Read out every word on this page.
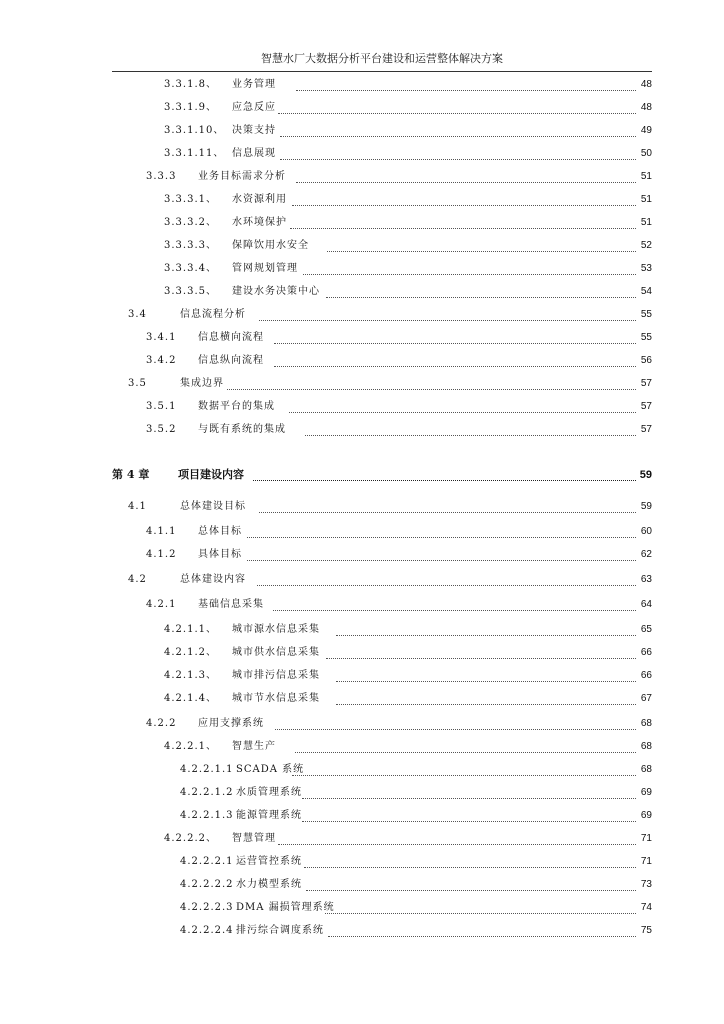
智慧水厂大数据分析平台建设和运营整体解决方案
3.3.1.8、 业务管理	48
3.3.1.9、 应急反应	48
3.3.1.10、 决策支持	49
3.3.1.11、 信息展现	50
3.3.3 业务目标需求分析	51
3.3.3.1、 水资源利用	51
3.3.3.2、 水环境保护	51
3.3.3.3、 保障饮用水安全	52
3.3.3.4、 管网规划管理	53
3.3.3.5、 建设水务决策中心	54
3.4	信息流程分析	55
3.4.1 信息横向流程	55
3.4.2 信息纵向流程	56
3.5	集成边界	57
3.5.1 数据平台的集成	57
3.5.2 与既有系统的集成	57
第 4 章	项目建设内容	59
4.1	总体建设目标	59
4.1.1 总体目标	60
4.1.2 具体目标	62
4.2	总体建设内容	63
4.2.1 基础信息采集	64
4.2.1.1、 城市源水信息采集	65
4.2.1.2、 城市供水信息采集	66
4.2.1.3、 城市排污信息采集	66
4.2.1.4、 城市节水信息采集	67
4.2.2 应用支撑系统	68
4.2.2.1、 智慧生产	68
4.2.2.1.1 SCADA 系统	68
4.2.2.1.2 水质管理系统	69
4.2.2.1.3 能源管理系统	69
4.2.2.2、 智慧管理	71
4.2.2.2.1 运营管控系统	71
4.2.2.2.2 水力模型系统	73
4.2.2.2.3 DMA 漏损管理系统	74
4.2.2.2.4 排污综合调度系统	75
